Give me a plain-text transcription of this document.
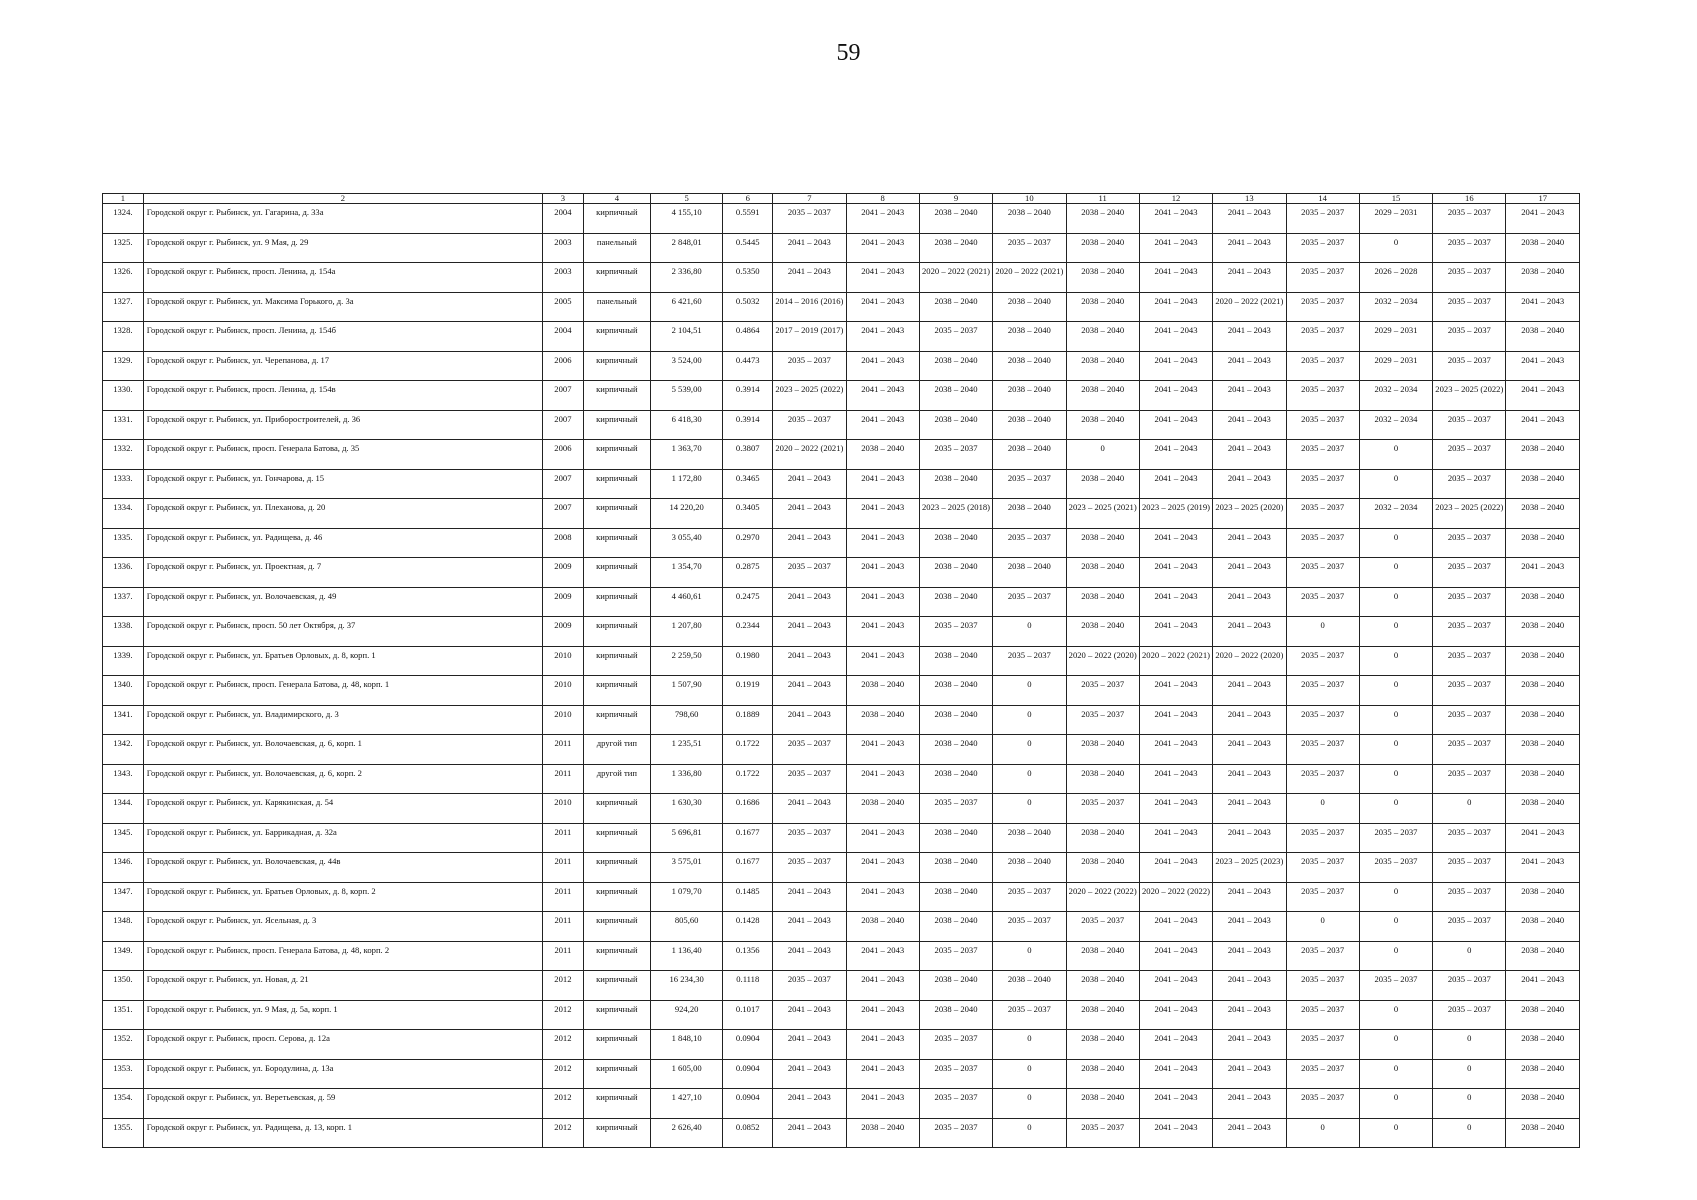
59
1	2	3	4	5	6	7	8	9	10	11	12	13	14	15	16	17
1324.	Городской округ г. Рыбинск, ул. Гагарина, д. 33а	2004	кирпичный	4 155,10	0.5591	2035 – 2037	2041 – 2043	2038 – 2040	2038 – 2040	2038 – 2040	2041 – 2043	2041 – 2043	2035 – 2037	2029 – 2031	2035 – 2037	2041 – 2043
1325.	Городской округ г. Рыбинск, ул. 9 Мая, д. 29	2003	панельный	2 848,01	0.5445	2041 – 2043	2041 – 2043	2038 – 2040	2035 – 2037	2038 – 2040	2041 – 2043	2041 – 2043	2035 – 2037	0	2035 – 2037	2038 – 2040
1326.	Городской округ г. Рыбинск, просп. Ленина, д. 154а	2003	кирпичный	2 336,80	0.5350	2041 – 2043	2041 – 2043	2020 – 2022 (2021)	2020 – 2022 (2021)	2038 – 2040	2041 – 2043	2041 – 2043	2035 – 2037	2026 – 2028	2035 – 2037	2038 – 2040
1327.	Городской округ г. Рыбинск, ул. Максима Горького, д. 3а	2005	панельный	6 421,60	0.5032	2014 – 2016 (2016)	2041 – 2043	2038 – 2040	2038 – 2040	2038 – 2040	2041 – 2043	2020 – 2022 (2021)	2035 – 2037	2032 – 2034	2035 – 2037	2041 – 2043
1328.	Городской округ г. Рыбинск, просп. Ленина, д. 154б	2004	кирпичный	2 104,51	0.4864	2017 – 2019 (2017)	2041 – 2043	2035 – 2037	2038 – 2040	2038 – 2040	2041 – 2043	2041 – 2043	2035 – 2037	2029 – 2031	2035 – 2037	2038 – 2040
1329.	Городской округ г. Рыбинск, ул. Черепанова, д. 17	2006	кирпичный	3 524,00	0.4473	2035 – 2037	2041 – 2043	2038 – 2040	2038 – 2040	2038 – 2040	2041 – 2043	2041 – 2043	2035 – 2037	2029 – 2031	2035 – 2037	2041 – 2043
1330.	Городской округ г. Рыбинск, просп. Ленина, д. 154в	2007	кирпичный	5 539,00	0.3914	2023 – 2025 (2022)	2041 – 2043	2038 – 2040	2038 – 2040	2038 – 2040	2041 – 2043	2041 – 2043	2035 – 2037	2032 – 2034	2023 – 2025 (2022)	2041 – 2043
1331.	Городской округ г. Рыбинск, ул. Приборостроителей, д. 36	2007	кирпичный	6 418,30	0.3914	2035 – 2037	2041 – 2043	2038 – 2040	2038 – 2040	2038 – 2040	2041 – 2043	2041 – 2043	2035 – 2037	2032 – 2034	2035 – 2037	2041 – 2043
1332.	Городской округ г. Рыбинск, просп. Генерала Батова, д. 35	2006	кирпичный	1 363,70	0.3807	2020 – 2022 (2021)	2038 – 2040	2035 – 2037	2038 – 2040	0	2041 – 2043	2041 – 2043	2035 – 2037	0	2035 – 2037	2038 – 2040
1333.	Городской округ г. Рыбинск, ул. Гончарова, д. 15	2007	кирпичный	1 172,80	0.3465	2041 – 2043	2041 – 2043	2038 – 2040	2035 – 2037	2038 – 2040	2041 – 2043	2041 – 2043	2035 – 2037	0	2035 – 2037	2038 – 2040
1334.	Городской округ г. Рыбинск, ул. Плеханова, д. 20	2007	кирпичный	14 220,20	0.3405	2041 – 2043	2041 – 2043	2023 – 2025 (2018)	2038 – 2040	2023 – 2025 (2021)	2023 – 2025 (2019)	2023 – 2025 (2020)	2035 – 2037	2032 – 2034	2023 – 2025 (2022)	2038 – 2040
1335.	Городской округ г. Рыбинск, ул. Радищева, д. 46	2008	кирпичный	3 055,40	0.2970	2041 – 2043	2041 – 2043	2038 – 2040	2035 – 2037	2038 – 2040	2041 – 2043	2041 – 2043	2035 – 2037	0	2035 – 2037	2038 – 2040
1336.	Городской округ г. Рыбинск, ул. Проектная, д. 7	2009	кирпичный	1 354,70	0.2875	2035 – 2037	2041 – 2043	2038 – 2040	2038 – 2040	2038 – 2040	2041 – 2043	2041 – 2043	2035 – 2037	0	2035 – 2037	2041 – 2043
1337.	Городской округ г. Рыбинск, ул. Волочаевская, д. 49	2009	кирпичный	4 460,61	0.2475	2041 – 2043	2041 – 2043	2038 – 2040	2035 – 2037	2038 – 2040	2041 – 2043	2041 – 2043	2035 – 2037	0	2035 – 2037	2038 – 2040
1338.	Городской округ г. Рыбинск, просп. 50 лет Октября, д. 37	2009	кирпичный	1 207,80	0.2344	2041 – 2043	2041 – 2043	2035 – 2037	0	2038 – 2040	2041 – 2043	2041 – 2043	0	0	2035 – 2037	2038 – 2040
1339.	Городской округ г. Рыбинск, ул. Братьев Орловых, д. 8, корп. 1	2010	кирпичный	2 259,50	0.1980	2041 – 2043	2041 – 2043	2038 – 2040	2035 – 2037	2020 – 2022 (2020)	2020 – 2022 (2021)	2020 – 2022 (2020)	2035 – 2037	0	2035 – 2037	2038 – 2040
1340.	Городской округ г. Рыбинск, просп. Генерала Батова, д. 48, корп. 1	2010	кирпичный	1 507,90	0.1919	2041 – 2043	2038 – 2040	2038 – 2040	0	2035 – 2037	2041 – 2043	2041 – 2043	2035 – 2037	0	2035 – 2037	2038 – 2040
1341.	Городской округ г. Рыбинск, ул. Владимирского, д. 3	2010	кирпичный	798,60	0.1889	2041 – 2043	2038 – 2040	2038 – 2040	0	2035 – 2037	2041 – 2043	2041 – 2043	2035 – 2037	0	2035 – 2037	2038 – 2040
1342.	Городской округ г. Рыбинск, ул. Волочаевская, д. 6, корп. 1	2011	другой тип	1 235,51	0.1722	2035 – 2037	2041 – 2043	2038 – 2040	0	2038 – 2040	2041 – 2043	2041 – 2043	2035 – 2037	0	2035 – 2037	2038 – 2040
1343.	Городской округ г. Рыбинск, ул. Волочаевская, д. 6, корп. 2	2011	другой тип	1 336,80	0.1722	2035 – 2037	2041 – 2043	2038 – 2040	0	2038 – 2040	2041 – 2043	2041 – 2043	2035 – 2037	0	2035 – 2037	2038 – 2040
1344.	Городской округ г. Рыбинск, ул. Карякинская, д. 54	2010	кирпичный	1 630,30	0.1686	2041 – 2043	2038 – 2040	2035 – 2037	0	2035 – 2037	2041 – 2043	2041 – 2043	0	0	0	2038 – 2040
1345.	Городской округ г. Рыбинск, ул. Баррикадная, д. 32а	2011	кирпичный	5 696,81	0.1677	2035 – 2037	2041 – 2043	2038 – 2040	2038 – 2040	2038 – 2040	2041 – 2043	2041 – 2043	2035 – 2037	2035 – 2037	2035 – 2037	2041 – 2043
1346.	Городской округ г. Рыбинск, ул. Волочаевская, д. 44в	2011	кирпичный	3 575,01	0.1677	2035 – 2037	2041 – 2043	2038 – 2040	2038 – 2040	2038 – 2040	2041 – 2043	2023 – 2025 (2023)	2035 – 2037	2035 – 2037	2035 – 2037	2041 – 2043
1347.	Городской округ г. Рыбинск, ул. Братьев Орловых, д. 8, корп. 2	2011	кирпичный	1 079,70	0.1485	2041 – 2043	2041 – 2043	2038 – 2040	2035 – 2037	2020 – 2022 (2022)	2020 – 2022 (2022)	2041 – 2043	2035 – 2037	0	2035 – 2037	2038 – 2040
1348.	Городской округ г. Рыбинск, ул. Ясельная, д. 3	2011	кирпичный	805,60	0.1428	2041 – 2043	2038 – 2040	2038 – 2040	2035 – 2037	2035 – 2037	2041 – 2043	2041 – 2043	0	0	2035 – 2037	2038 – 2040
1349.	Городской округ г. Рыбинск, просп. Генерала Батова, д. 48, корп. 2	2011	кирпичный	1 136,40	0.1356	2041 – 2043	2041 – 2043	2035 – 2037	0	2038 – 2040	2041 – 2043	2041 – 2043	2035 – 2037	0	0	2038 – 2040
1350.	Городской округ г. Рыбинск, ул. Новая, д. 21	2012	кирпичный	16 234,30	0.1118	2035 – 2037	2041 – 2043	2038 – 2040	2038 – 2040	2038 – 2040	2041 – 2043	2041 – 2043	2035 – 2037	2035 – 2037	2035 – 2037	2041 – 2043
1351.	Городской округ г. Рыбинск, ул. 9 Мая, д. 5а, корп. 1	2012	кирпичный	924,20	0.1017	2041 – 2043	2041 – 2043	2038 – 2040	2035 – 2037	2038 – 2040	2041 – 2043	2041 – 2043	2035 – 2037	0	2035 – 2037	2038 – 2040
1352.	Городской округ г. Рыбинск, просп. Серова, д. 12а	2012	кирпичный	1 848,10	0.0904	2041 – 2043	2041 – 2043	2035 – 2037	0	2038 – 2040	2041 – 2043	2041 – 2043	2035 – 2037	0	0	2038 – 2040
1353.	Городской округ г. Рыбинск, ул. Бородулина, д. 13а	2012	кирпичный	1 605,00	0.0904	2041 – 2043	2041 – 2043	2035 – 2037	0	2038 – 2040	2041 – 2043	2041 – 2043	2035 – 2037	0	0	2038 – 2040
1354.	Городской округ г. Рыбинск, ул. Веретьевская, д. 59	2012	кирпичный	1 427,10	0.0904	2041 – 2043	2041 – 2043	2035 – 2037	0	2038 – 2040	2041 – 2043	2041 – 2043	2035 – 2037	0	0	2038 – 2040
1355.	Городской округ г. Рыбинск, ул. Радищева, д. 13, корп. 1	2012	кирпичный	2 626,40	0.0852	2041 – 2043	2038 – 2040	2035 – 2037	0	2035 – 2037	2041 – 2043	2041 – 2043	0	0	0	2038 – 2040
